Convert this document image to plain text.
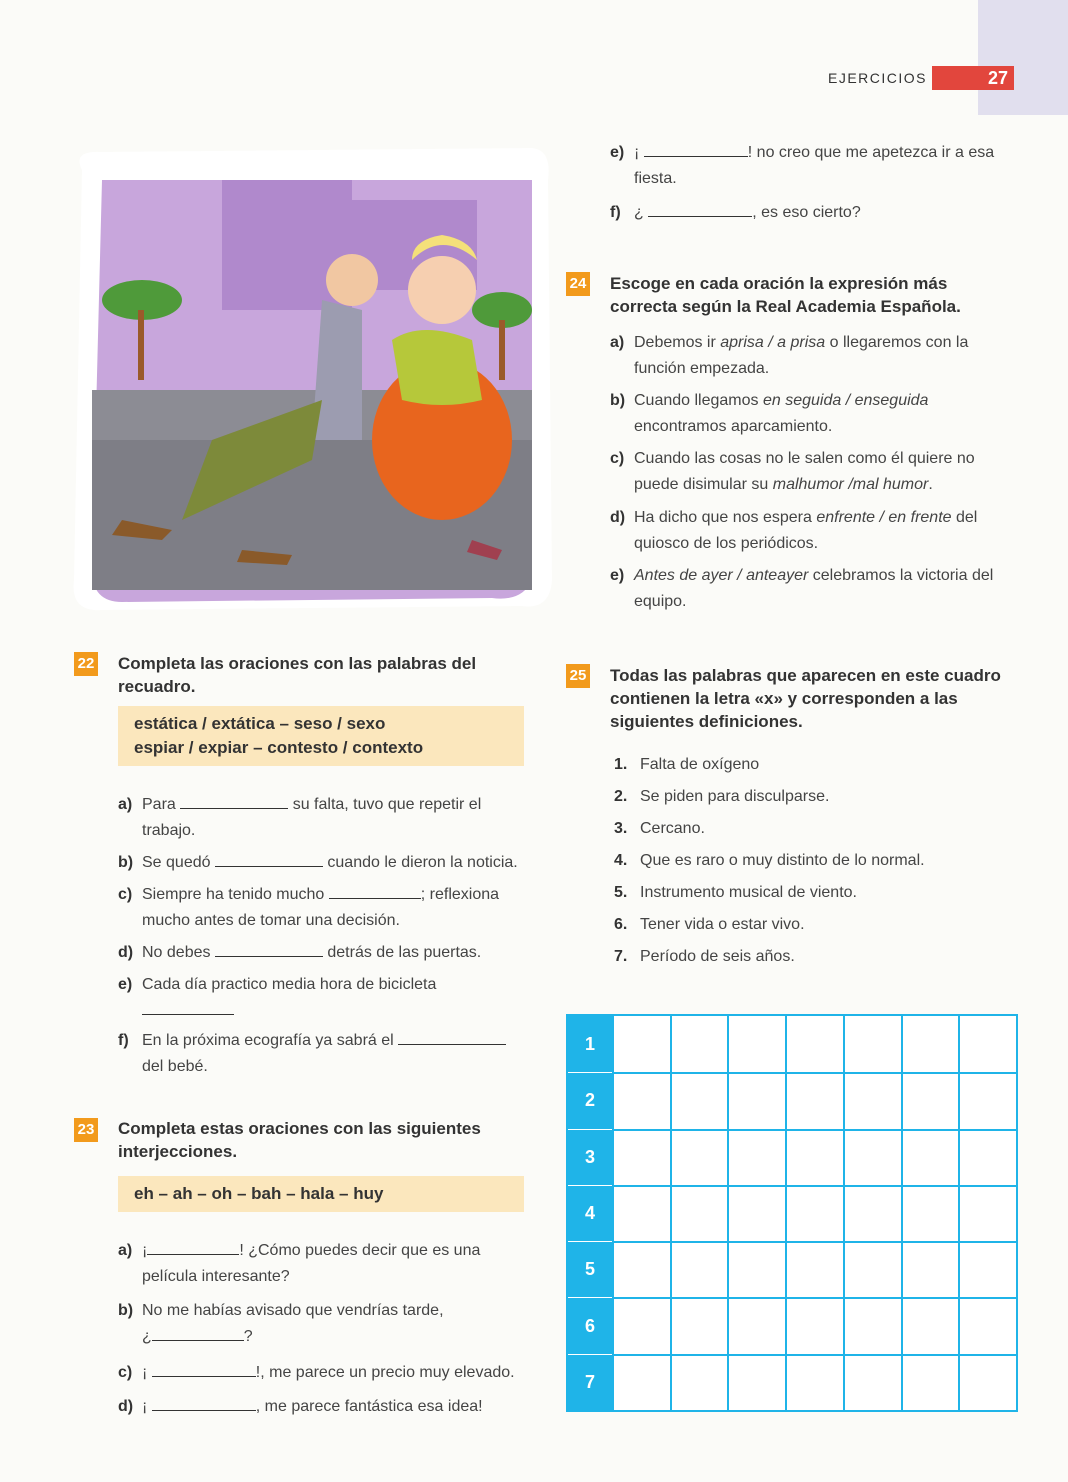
EJERCICIOS	27
22 Completa las oraciones con las palabras del
recuadro.
estática / extática – seso / sexo
espiar / expiar – contesto / contexto
a) Para	su falta, tuvo que repetir el
trabajo.
b) Se quedó	cuando le dieron la noticia.
c) Siempre ha tenido mucho	; reflexiona
mucho antes de tomar una decisión.
d) No debes	detrás de las puertas.
e) Cada día practico media hora de bicicleta

f) En la próxima ecografía ya sabrá el
del bebé.
23 Completa estas oraciones con las siguientes
interjecciones.
eh – ah – oh – bah – hala – huy
a) ¡	! ¿Cómo puedes decir que es una
película interesante?
b) No me habías avisado que vendrías tarde,
¿	?
c) ¡	!, me parece un precio muy elevado.
d) ¡	, me parece fantástica esa idea!
e) ¡	! no creo que me apetezca ir a esa
fiesta.
f) ¿	, es eso cierto?
24 Escoge en cada oración la expresión más
correcta según la Real Academia Española.
a) Debemos ir aprisa / a prisa o llegaremos con la
función empezada.
b) Cuando llegamos en seguida / enseguida
encontramos aparcamiento.
c) Cuando las cosas no le salen como él quiere no
puede disimular su malhumor /mal humor.
d) Ha dicho que nos espera enfrente / en frente del
quiosco de los periódicos.
e) Antes de ayer / anteayer celebramos la victoria del
equipo.
25 Todas las palabras que aparecen en este cuadro
contienen la letra «x» y corresponden a las
siguientes definiciones.
1. Falta de oxígeno
2. Se piden para disculparse.
3. Cercano.
4. Que es raro o muy distinto de lo normal.
5. Instrumento musical de viento.
6. Tener vida o estar vivo.
7. Período de seis años.
1
2
3
4
5
6
7
